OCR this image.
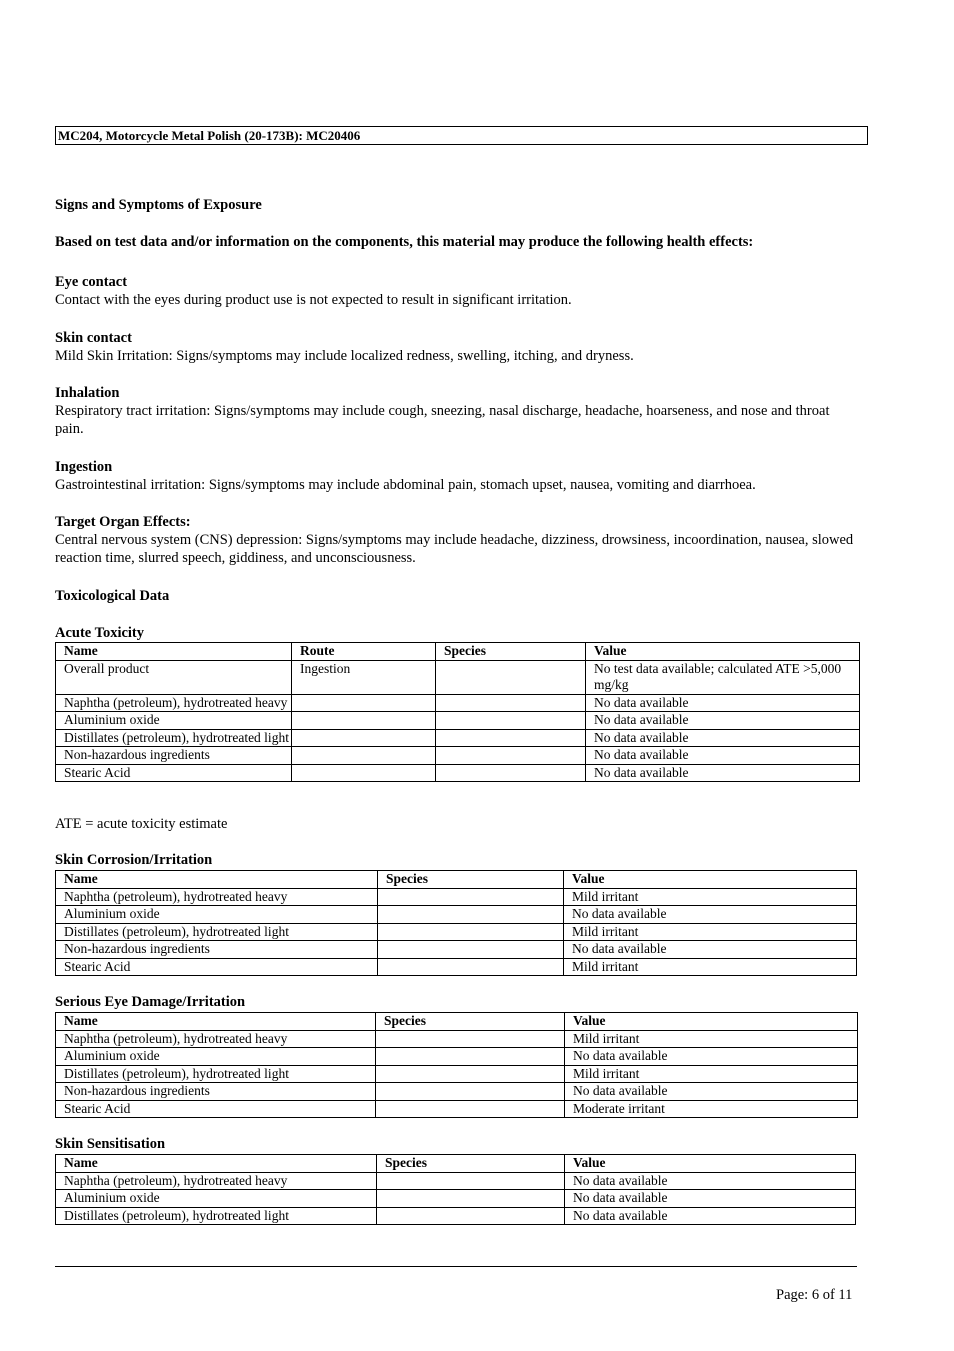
MC204, Motorcycle Metal Polish (20-173B): MC20406
Signs and Symptoms of Exposure
Based on test data and/or information on the components, this material may produce the following health effects:

Eye contact

Contact with the eyes during product use is not expected to result in significant irritation.

Skin contact

Mild Skin Irritation: Signs/symptoms may include localized redness, swelling, itching, and dryness.

Inhalation

Respiratory tract irritation: Signs/symptoms may include cough, sneezing, nasal discharge, headache, hoarseness, and nose and throat pain.

Ingestion

Gastrointestinal irritation: Signs/symptoms may include abdominal pain, stomach upset, nausea, vomiting and diarrhoea.

Target Organ Effects:

Central nervous system (CNS) depression: Signs/symptoms may include headache, dizziness, drowsiness, incoordination, nausea, slowed reaction time, slurred speech, giddiness, and unconsciousness.

Toxicological Data
Acute Toxicity
Name	Route	Species	Value
Overall product	Ingestion		No test data available; calculated ATE >5,000 mg/kg
Naphtha (petroleum), hydrotreated heavy			No data available
Aluminium oxide			No data available
Distillates (petroleum), hydrotreated light			No data available
Non-hazardous ingredients			No data available
Stearic Acid			No data available
ATE = acute toxicity estimate
Skin Corrosion/Irritation
Name	Species	Value
Naphtha (petroleum), hydrotreated heavy		Mild irritant
Aluminium oxide		No data available
Distillates (petroleum), hydrotreated light		Mild irritant
Non-hazardous ingredients		No data available
Stearic Acid		Mild irritant
Serious Eye Damage/Irritation
Name	Species	Value
Naphtha (petroleum), hydrotreated heavy		Mild irritant
Aluminium oxide		No data available
Distillates (petroleum), hydrotreated light		Mild irritant
Non-hazardous ingredients		No data available
Stearic Acid		Moderate irritant
Skin Sensitisation
Name	Species	Value
Naphtha (petroleum), hydrotreated heavy		No data available
Aluminium oxide		No data available
Distillates (petroleum), hydrotreated light		No data available
Page: 6 of 11
